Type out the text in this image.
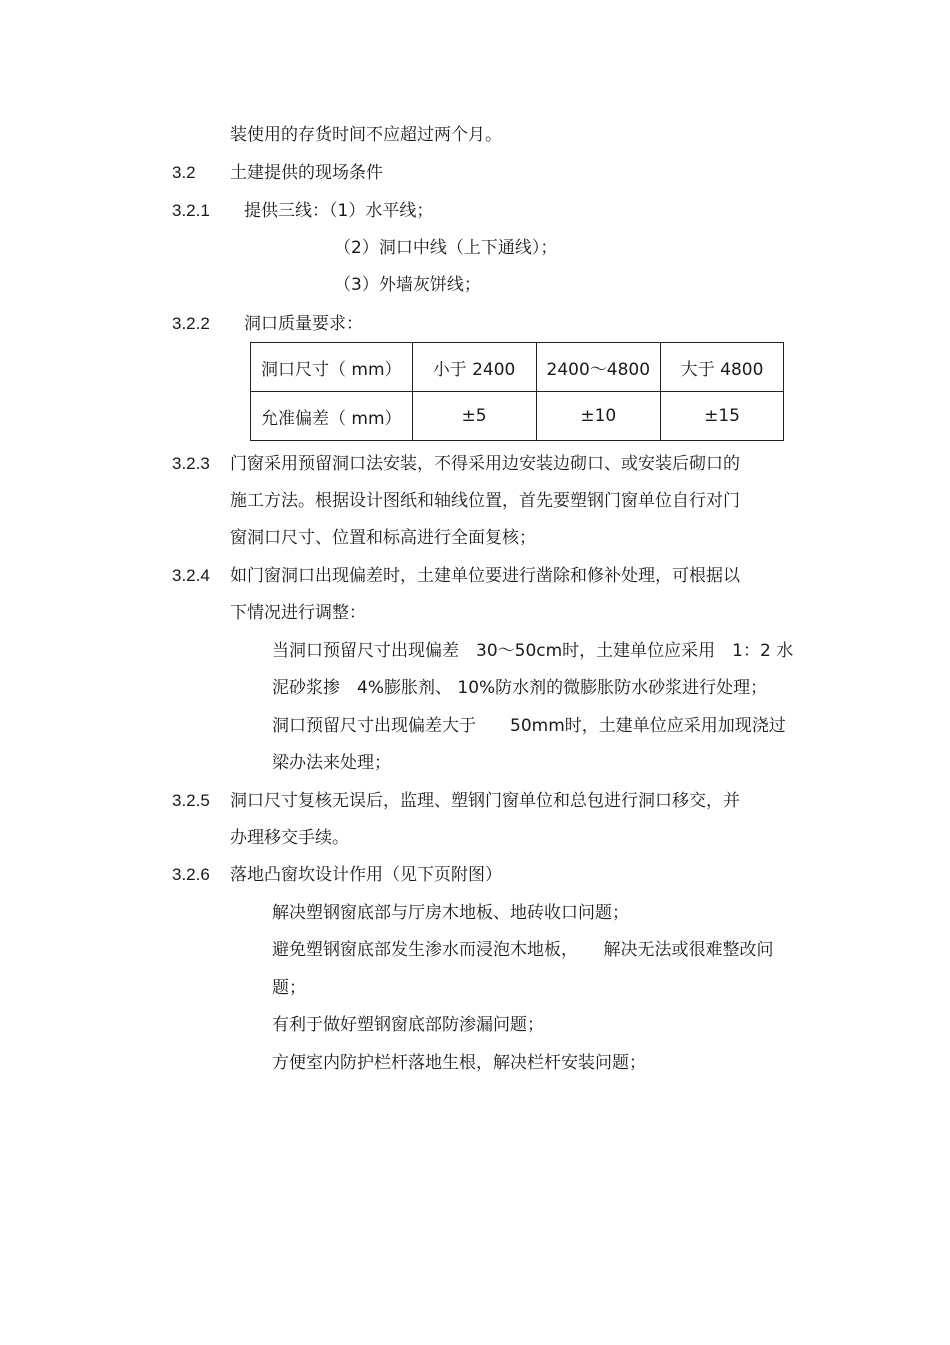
装使用的存货时间不应超过两个月。
3.2 土建提供的现场条件
3.2.1 提供三线：（1）水平线；
（2）洞口中线（上下通线）；
（3）外墙灰饼线；
3.2.2 洞口质量要求：
洞口尺寸（ mm）	小于 2400	2400～4800	大于 4800
允准偏差（ mm）	±5	±10	±15
3.2.3 门窗采用预留洞口法安装，不得采用边安装边砌口、或安装后砌口的
施工方法。根据设计图纸和轴线位置，首先要塑钢门窗单位自行对门
窗洞口尺寸、位置和标高进行全面复核；
3.2.4 如门窗洞口出现偏差时，土建单位要进行凿除和修补处理，可根据以
下情况进行调整：
当洞口预留尺寸出现偏差　30～50cm时，土建单位应采用　1：2 水
泥砂浆掺　4%膨胀剂、 10%防水剂的微膨胀防水砂浆进行处理；
洞口预留尺寸出现偏差大于　　50mm时，土建单位应采用加现浇过
梁办法来处理；
3.2.5 洞口尺寸复核无误后，监理、塑钢门窗单位和总包进行洞口移交，并
办理移交手续。
3.2.6 落地凸窗坎设计作用（见下页附图）
解决塑钢窗底部与厅房木地板、地砖收口问题；
避免塑钢窗底部发生渗水而浸泡木地板，　　解决无法或很难整改问
题；
有利于做好塑钢窗底部防渗漏问题；
方便室内防护栏杆落地生根，解决栏杆安装问题；
